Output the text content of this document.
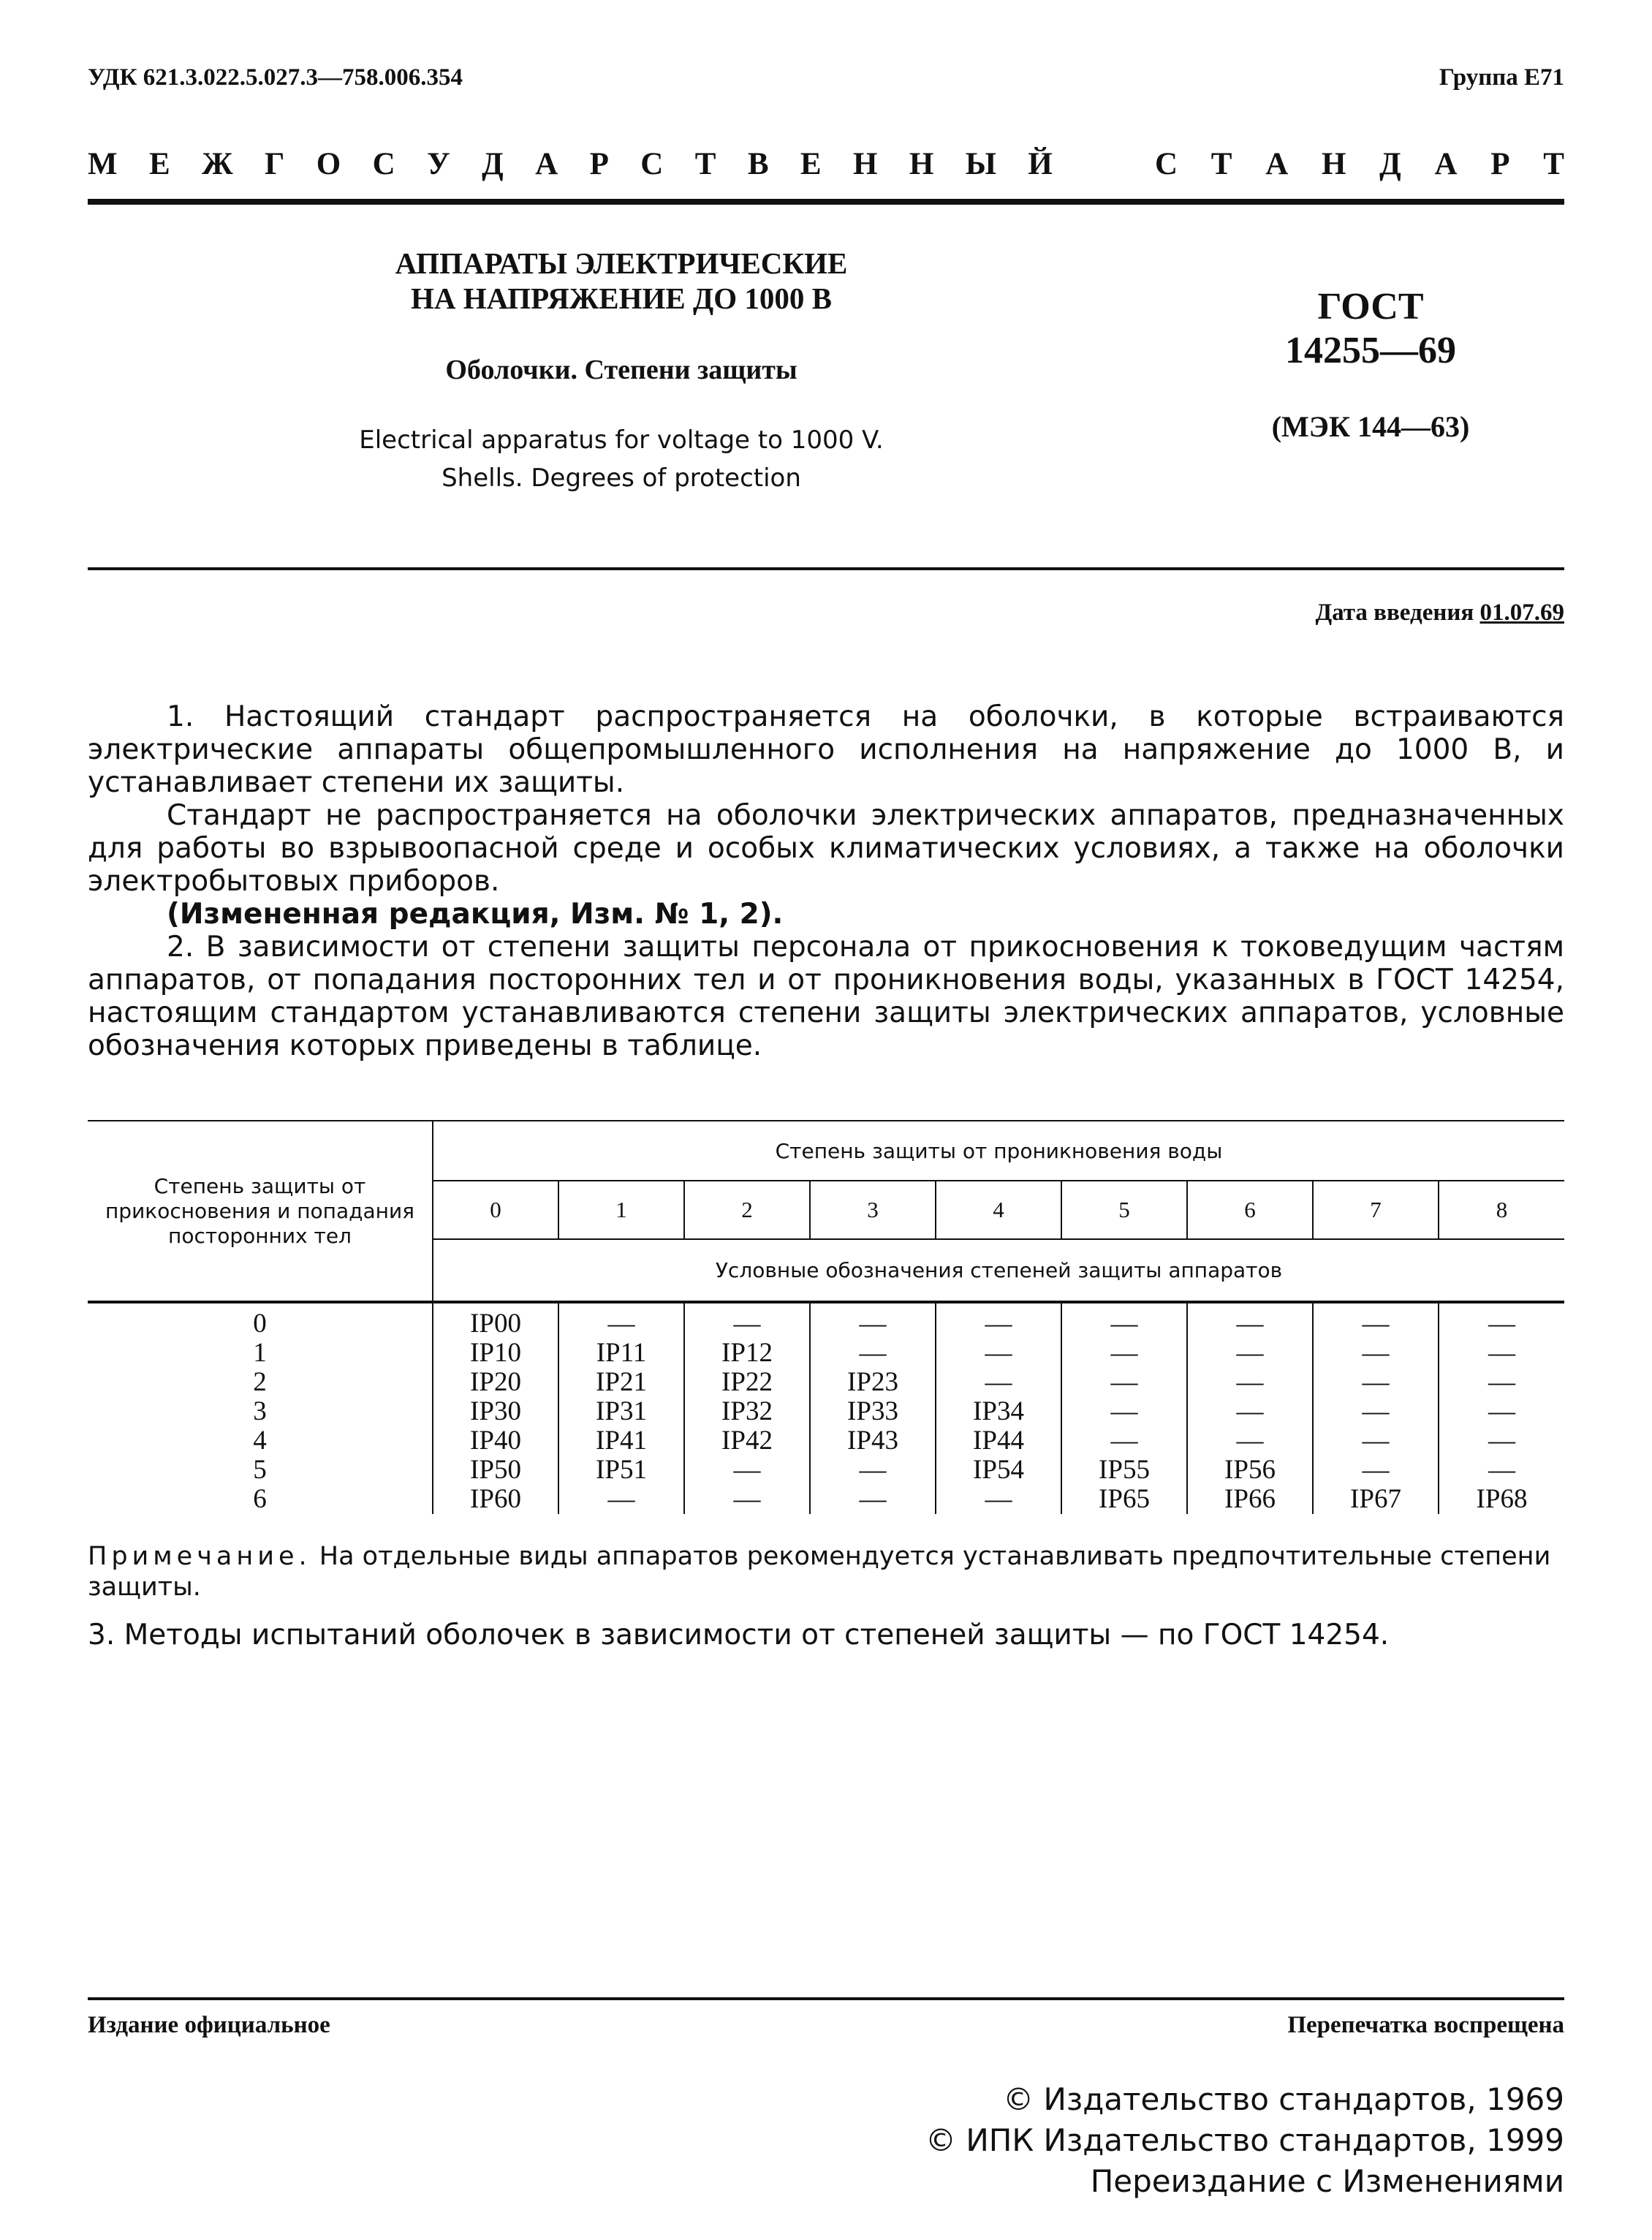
УДК 621.3.022.5.027.3—758.006.354	Группа Е71
М Е Ж Г О С У Д А Р С Т В Е Н Н Ы Й	С Т А Н Д А Р Т
АППАРАТЫ ЭЛЕКТРИЧЕСКИЕ
НА НАПРЯЖЕНИЕ ДО 1000 В
Оболочки. Степени защиты
Electrical apparatus for voltage to 1000 V.
Shells. Degrees of protection
ГОСТ
14255—69
(МЭК 144—63)
Дата введения 01.07.69

1. Настоящий стандарт распространяется на оболочки, в которые встраиваются электрические аппараты общепромышленного исполнения на напряжение до 1000 В, и устанавливает степени их защиты.

Стандарт не распространяется на оболочки электрических аппаратов, предназначенных для работы во взрывоопасной среде и особых климатических условиях, а также на оболочки электробытовых приборов.

(Измененная редакция, Изм. № 1, 2).

2. В зависимости от степени защиты персонала от прикосновения к токоведущим частям аппаратов, от попадания посторонних тел и от проникновения воды, указанных в ГОСТ 14254, настоящим стандартом устанавливаются степени защиты электрических аппаратов, условные обозначения которых приведены в таблице.

Степень защиты от прикосновения и попадания посторонних тел	Степень защиты от проникновения воды								
	0	1	2	3	4	5	6	7	8
	Условные обозначения степеней защиты аппаратов								
0	IP00	—	—	—	—	—	—	—	—
1	IP10	IP11	IP12	—	—	—	—	—	—
2	IP20	IP21	IP22	IP23	—	—	—	—	—
3	IP30	IP31	IP32	IP33	IP34	—	—	—	—
4	IP40	IP41	IP42	IP43	IP44	—	—	—	—
5	IP50	IP51	—	—	IP54	IP55	IP56	—	—
6	IP60	—	—	—	—	IP65	IP66	IP67	IP68
Примечание. На отдельные виды аппаратов рекомендуется устанавливать предпочтительные степени защиты.
3. Методы испытаний оболочек в зависимости от степеней защиты — по ГОСТ 14254.
Издание официальное	Перепечатка воспрещена
© Издательство стандартов, 1969
© ИПК Издательство стандартов, 1999
Переиздание с Изменениями
